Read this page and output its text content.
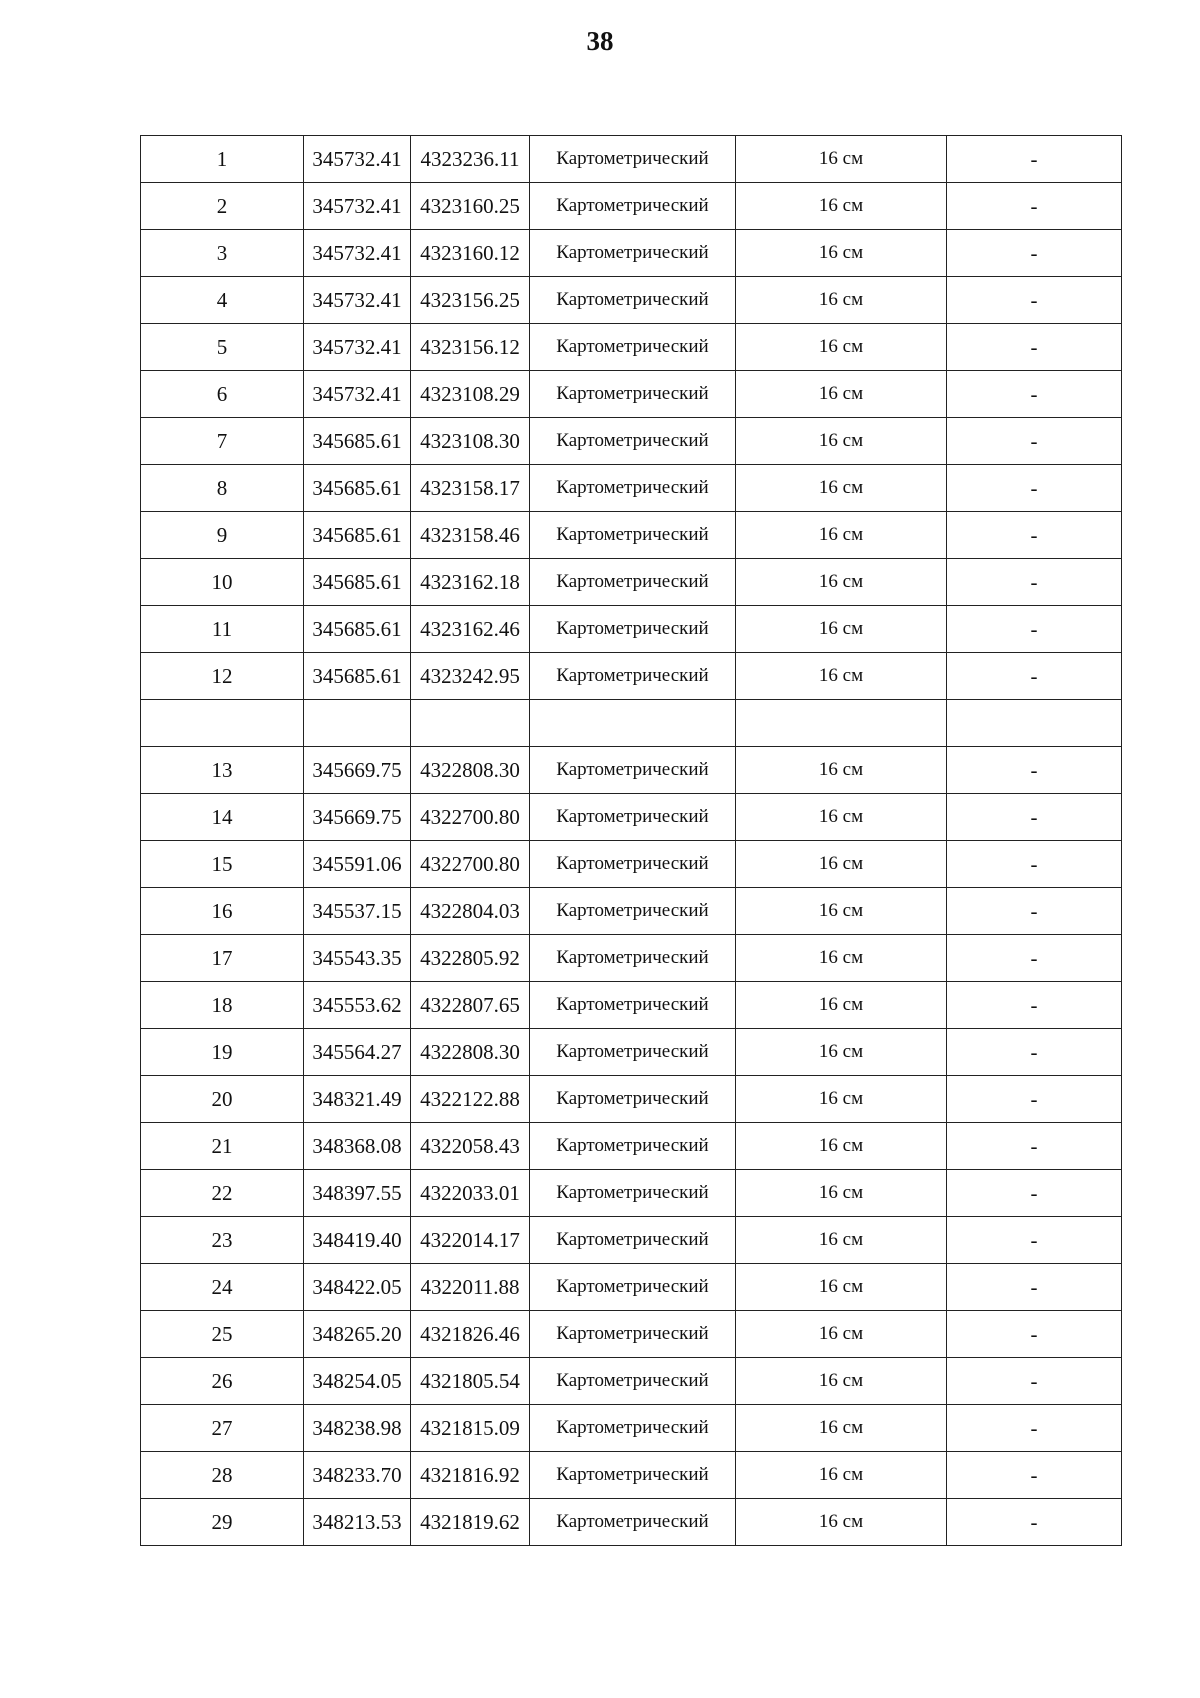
38
1	345732.41	4323236.11	Картометрический	16 см	-
2	345732.41	4323160.25	Картометрический	16 см	-
3	345732.41	4323160.12	Картометрический	16 см	-
4	345732.41	4323156.25	Картометрический	16 см	-
5	345732.41	4323156.12	Картометрический	16 см	-
6	345732.41	4323108.29	Картометрический	16 см	-
7	345685.61	4323108.30	Картометрический	16 см	-
8	345685.61	4323158.17	Картометрический	16 см	-
9	345685.61	4323158.46	Картометрический	16 см	-
10	345685.61	4323162.18	Картометрический	16 см	-
11	345685.61	4323162.46	Картометрический	16 см	-
12	345685.61	4323242.95	Картометрический	16 см	-

13	345669.75	4322808.30	Картометрический	16 см	-
14	345669.75	4322700.80	Картометрический	16 см	-
15	345591.06	4322700.80	Картометрический	16 см	-
16	345537.15	4322804.03	Картометрический	16 см	-
17	345543.35	4322805.92	Картометрический	16 см	-
18	345553.62	4322807.65	Картометрический	16 см	-
19	345564.27	4322808.30	Картометрический	16 см	-
20	348321.49	4322122.88	Картометрический	16 см	-
21	348368.08	4322058.43	Картометрический	16 см	-
22	348397.55	4322033.01	Картометрический	16 см	-
23	348419.40	4322014.17	Картометрический	16 см	-
24	348422.05	4322011.88	Картометрический	16 см	-
25	348265.20	4321826.46	Картометрический	16 см	-
26	348254.05	4321805.54	Картометрический	16 см	-
27	348238.98	4321815.09	Картометрический	16 см	-
28	348233.70	4321816.92	Картометрический	16 см	-
29	348213.53	4321819.62	Картометрический	16 см	-
